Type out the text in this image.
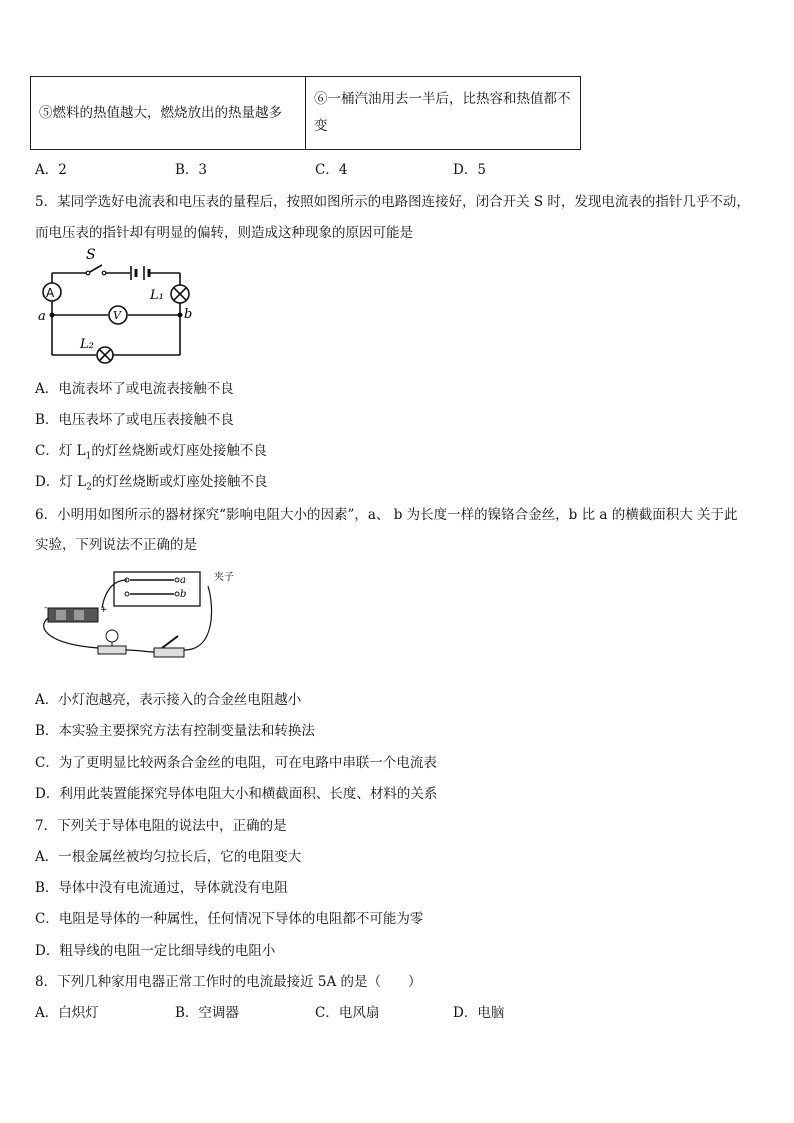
⑤燃料的热值越大，燃烧放出的热量越多	⑥一桶汽油用去一半后，比热容和热值都不变
A．2	B．3	C．4	D．5
5．某同学选好电流表和电压表的量程后，按照如图所示的电路图连接好，闭合开关 S 时，发现电流表的指针几乎不动，
而电压表的指针却有明显的偏转，则造成这种现象的原因可能是
S
A
V
L₁
L₂
a	b
A．电流表坏了或电流表接触不良
B．电压表坏了或电压表接触不良
C．灯 $L_1$的灯丝烧断或灯座处接触不良
D．灯 $L_2$的灯丝烧断或灯座处接触不良
6．小明用如图所示的器材探究“影响电阻大小的因素”，a、 b 为长度一样的镍铬合金丝，b 比 a 的横截面积大 关于此
实验，下列说法不正确的是
a
b
-	+
夹子
A．小灯泡越亮，表示接入的合金丝电阻越小
B．本实验主要探究方法有控制变量法和转换法
C．为了更明显比较两条合金丝的电阻，可在电路中串联一个电流表
D．利用此装置能探究导体电阻大小和横截面积、长度、材料的关系
7．下列关于导体电阻的说法中，正确的是
A．一根金属丝被均匀拉长后，它的电阻变大
B．导体中没有电流通过，导体就没有电阻
C．电阻是导体的一种属性，任何情况下导体的电阻都不可能为零
D．粗导线的电阻一定比细导线的电阻小
8．下列几种家用电器正常工作时的电流最接近 5A 的是（　　）
A．白炽灯	B．空调器	C．电风扇	D．电脑
